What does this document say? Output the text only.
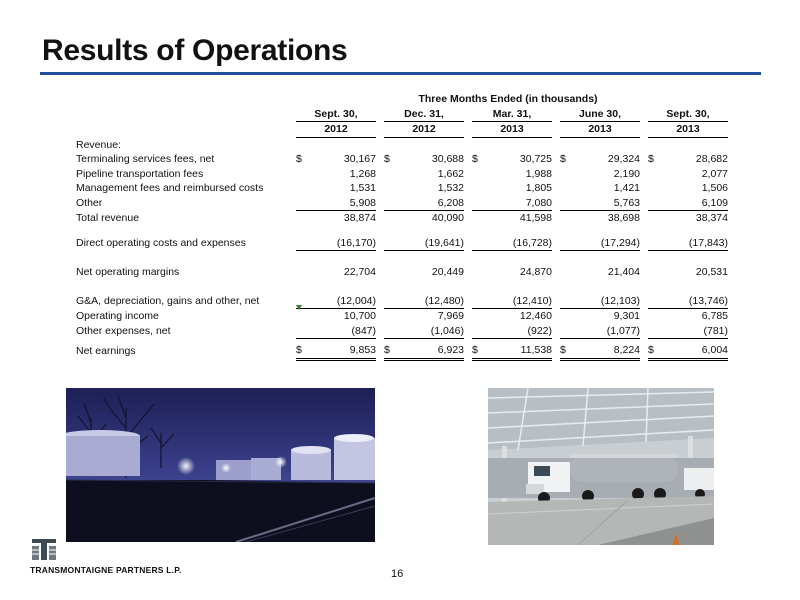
Results of Operations
	Three Months Ended (in thousands)														
		Sept. 30,			Dec. 31,			Mar. 31,			June 30,			Sept. 30,	
		2012			2012			2013			2013			2013	
Revenue:															
Terminaling services fees, net		$	30,167		$	30,688		$	30,725		$	29,324		$	28,682
Pipeline transportation fees			1,268			1,662			1,988			2,190			2,077
Management fees and reimbursed costs			1,531			1,532			1,805			1,421			1,506
Other			5,908			6,208			7,080			5,763			6,109
Total revenue			38,874			40,090			41,598			38,698			38,374

Direct operating costs and expenses			(16,170)			(19,641)			(16,728)			(17,294)			(17,843)

Net operating margins			22,704			20,449			24,870			21,404			20,531

G&A, depreciation, gains and other, net			(12,004)			(12,480)			(12,410)			(12,103)			(13,746)
Operating income			10,700			7,969			12,460			9,301			6,785
Other expenses, net			(847)			(1,046)			(922)			(1,077)			(781)
Net earnings		$	9,853		$	6,923		$	11,538		$	8,224		$	6,004
TRANSMONTAIGNE PARTNERS L.P.	16
